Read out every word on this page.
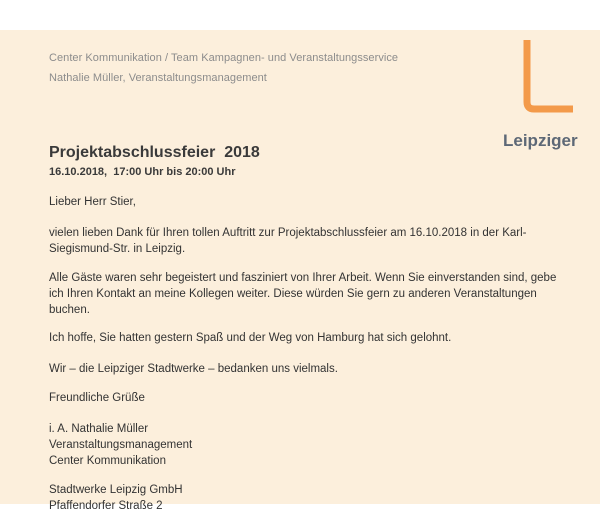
Center Kommunikation / Team Kampagnen- und Veranstaltungsservice
Nathalie Müller, Veranstaltungsmanagement
Leipziger
Projektabschlussfeier  2018
16.10.2018,  17:00 Uhr bis 20:00 Uhr
Lieber Herr Stier,
vielen lieben Dank für Ihren tollen Auftritt zur Projektabschlussfeier am 16.10.2018 in der Karl-
Siegismund-Str. in Leipzig.
Alle Gäste waren sehr begeistert und fasziniert von Ihrer Arbeit. Wenn Sie einverstanden sind, gebe
ich Ihren Kontakt an meine Kollegen weiter. Diese würden Sie gern zu anderen Veranstaltungen
buchen.
Ich hoffe, Sie hatten gestern Spaß und der Weg von Hamburg hat sich gelohnt.
Wir – die Leipziger Stadtwerke – bedanken uns vielmals.
Freundliche Grüße
i. A. Nathalie Müller
Veranstaltungsmanagement
Center Kommunikation
Stadtwerke Leipzig GmbH
Pfaffendorfer Straße 2
